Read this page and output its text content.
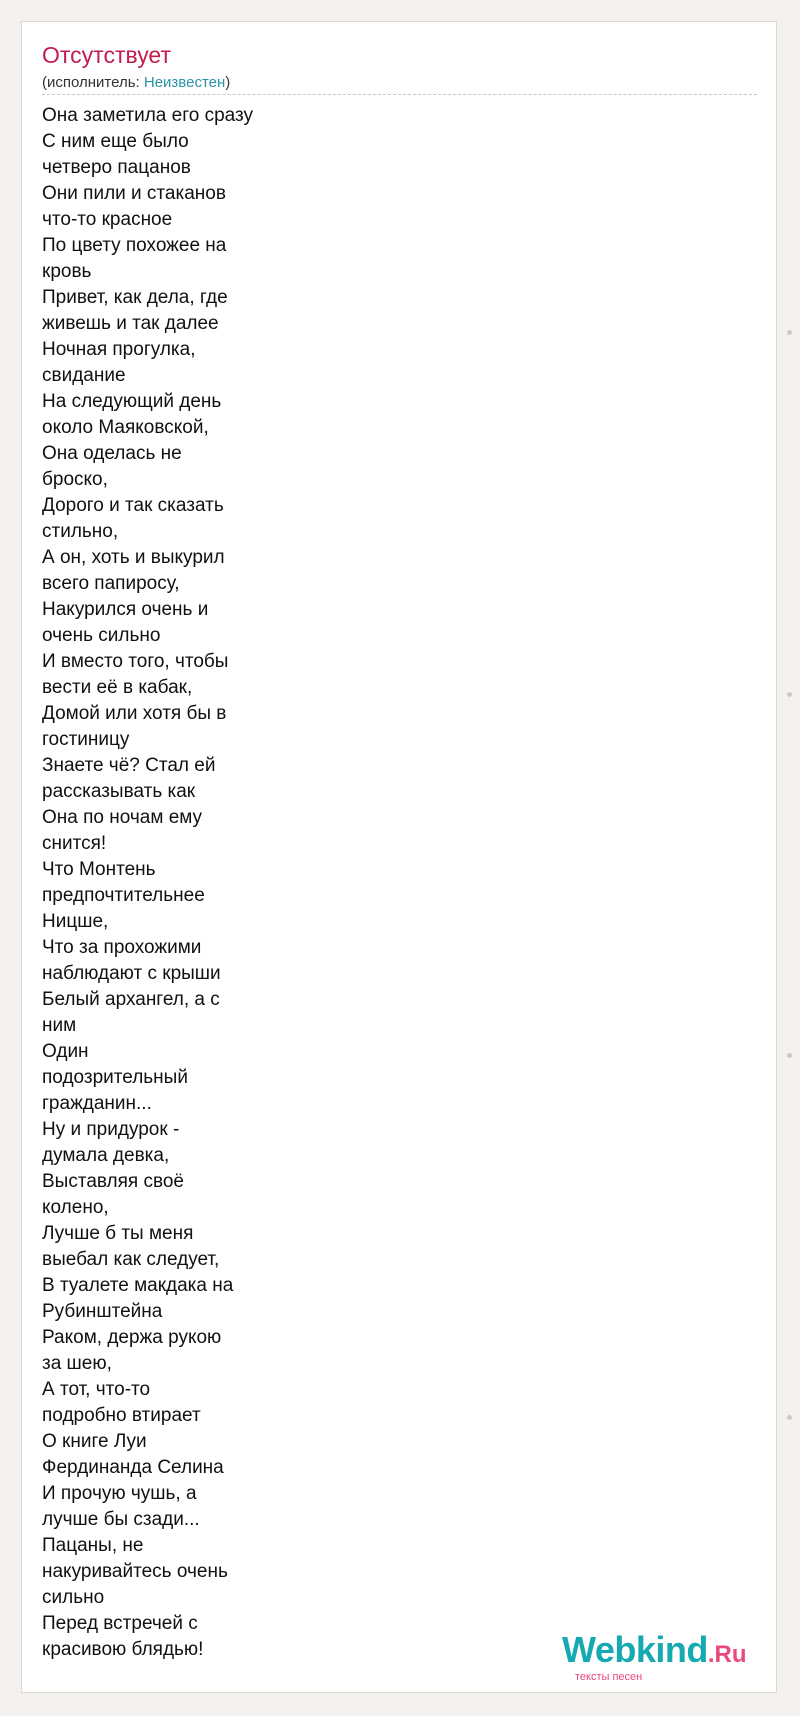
Отсутствует
(исполнитель: Неизвестен)
Она заметила его сразу
С ним еще было
четверо пацанов
Они пили и стаканов
что-то красное
По цвету похожее на
кровь
Привет, как дела, где
живешь и так далее
Ночная прогулка,
свидание
На следующий день
около Маяковской,
Она оделась не
броско,
Дорого и так сказать
стильно,
А он, хоть и выкурил
всего папиросу,
Накурился очень и
очень сильно
И вместо того, чтобы
вести её в кабак,
Домой или хотя бы в
гостиницу
Знаете чё? Стал ей
рассказывать как
Она по ночам ему
снится!
Что Монтень
предпочтительнее
Ницше,
Что за прохожими
наблюдают с крыши
Белый архангел, а с
ним
Один
подозрительный
гражданин...
Ну и придурок -
думала девка,
Выставляя своё
колено,
Лучше б ты меня
выебал как следует,
В туалете макдака на
Рубинштейна
Раком, держа рукою
за шею,
А тот, что-то
подробно втирает
О книге Луи
Фердинанда Селина
И прочую чушь, а
лучше бы сзади...
Пацаны, не
накуривайтесь очень
сильно
Перед встречей с
красивою блядью!	Webkind.Ru
тексты песен
